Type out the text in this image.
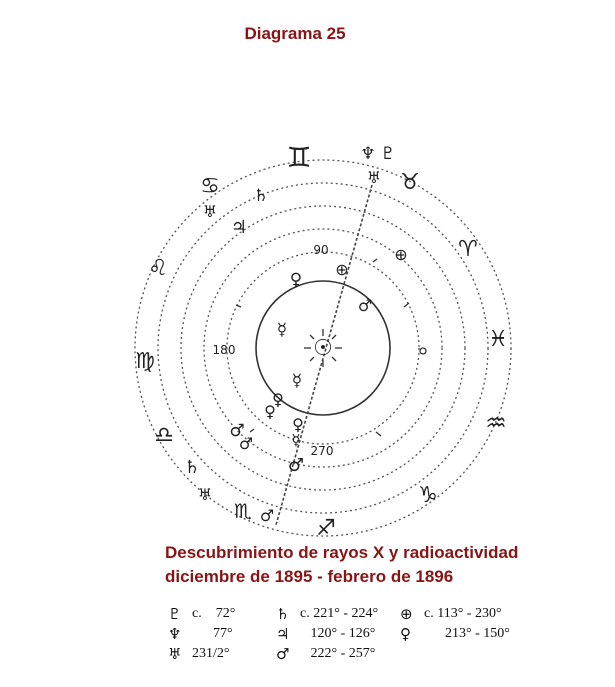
Diagrama 25
☉
♊
♉
♈
♓
♒
♑
♐
♏
♎
♍
♌
♋
♆ ♇
♅
♄
♅
♃
⊕
⊕
♀
♂
☿
☿
♀
♀
♀
☿
♂
♂
♂
♄
♅
♂
90
180
270
Descubrimiento de rayos X y radioactividad
diciembre de 1895 - febrero de 1896
♇	c.    72°	♄	c. 221° - 224°	⊕	c. 113° - 230°
♆	77°	♃	120° - 126°	♀	213° - 150°
♅	231/2°	♂	222° - 257°		
